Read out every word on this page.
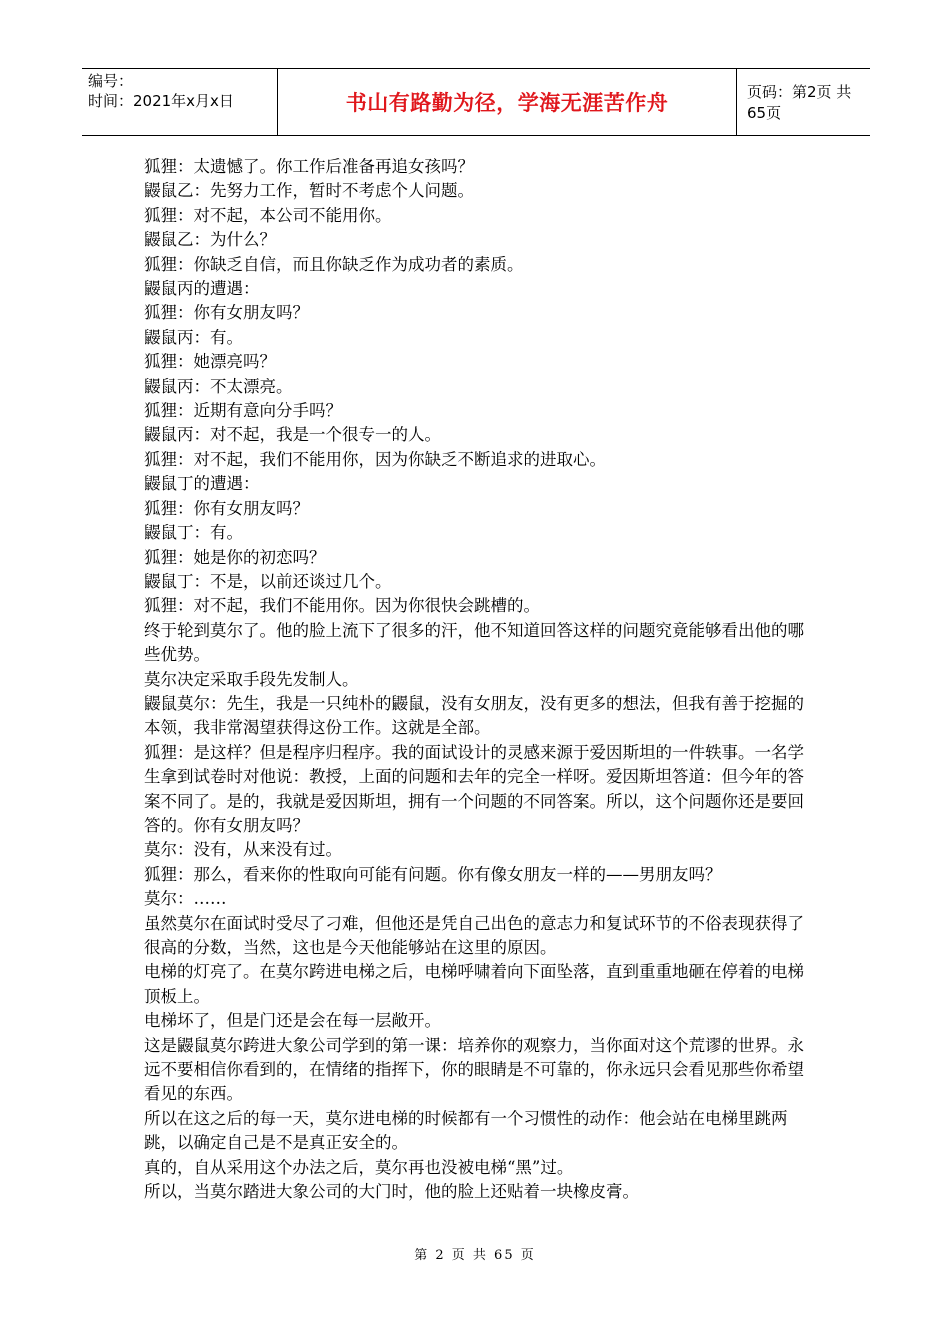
编号：
时间：2021年x月x日	书山有路勤为径，学海无涯苦作舟	页码：第2页 共65页

狐狸：太遗憾了。你工作后准备再追女孩吗？

鼹鼠乙：先努力工作，暂时不考虑个人问题。

狐狸：对不起，本公司不能用你。

鼹鼠乙：为什么？

狐狸：你缺乏自信，而且你缺乏作为成功者的素质。

鼹鼠丙的遭遇：

狐狸：你有女朋友吗？

鼹鼠丙：有。

狐狸：她漂亮吗？

鼹鼠丙：不太漂亮。

狐狸：近期有意向分手吗？

鼹鼠丙：对不起，我是一个很专一的人。

狐狸：对不起，我们不能用你，因为你缺乏不断追求的进取心。

鼹鼠丁的遭遇：

狐狸：你有女朋友吗？

鼹鼠丁：有。

狐狸：她是你的初恋吗？

鼹鼠丁：不是，以前还谈过几个。

狐狸：对不起，我们不能用你。因为你很快会跳槽的。

终于轮到莫尔了。他的脸上流下了很多的汗，他不知道回答这样的问题究竟能够看出他的哪些优势。

莫尔决定采取手段先发制人。

鼹鼠莫尔：先生，我是一只纯朴的鼹鼠，没有女朋友，没有更多的想法，但我有善于挖掘的本领，我非常渴望获得这份工作。这就是全部。

狐狸：是这样？但是程序归程序。我的面试设计的灵感来源于爱因斯坦的一件轶事。一名学生拿到试卷时对他说：教授，上面的问题和去年的完全一样呀。爱因斯坦答道：但今年的答案不同了。是的，我就是爱因斯坦，拥有一个问题的不同答案。所以，这个问题你还是要回答的。你有女朋友吗？

莫尔：没有，从来没有过。

狐狸：那么，看来你的性取向可能有问题。你有像女朋友一样的——男朋友吗？

莫尔：……

虽然莫尔在面试时受尽了刁难，但他还是凭自己出色的意志力和复试环节的不俗表现获得了很高的分数，当然，这也是今天他能够站在这里的原因。

电梯的灯亮了。在莫尔跨进电梯之后，电梯呼啸着向下面坠落，直到重重地砸在停着的电梯顶板上。

电梯坏了，但是门还是会在每一层敞开。

这是鼹鼠莫尔跨进大象公司学到的第一课：培养你的观察力，当你面对这个荒谬的世界。永远不要相信你看到的，在情绪的指挥下，你的眼睛是不可靠的，你永远只会看见那些你希望看见的东西。

所以在这之后的每一天，莫尔进电梯的时候都有一个习惯性的动作：他会站在电梯里跳两跳，以确定自己是不是真正安全的。

真的，自从采用这个办法之后，莫尔再也没被电梯“黑”过。

所以，当莫尔踏进大象公司的大门时，他的脸上还贴着一块橡皮膏。

第 2 页 共 65 页
